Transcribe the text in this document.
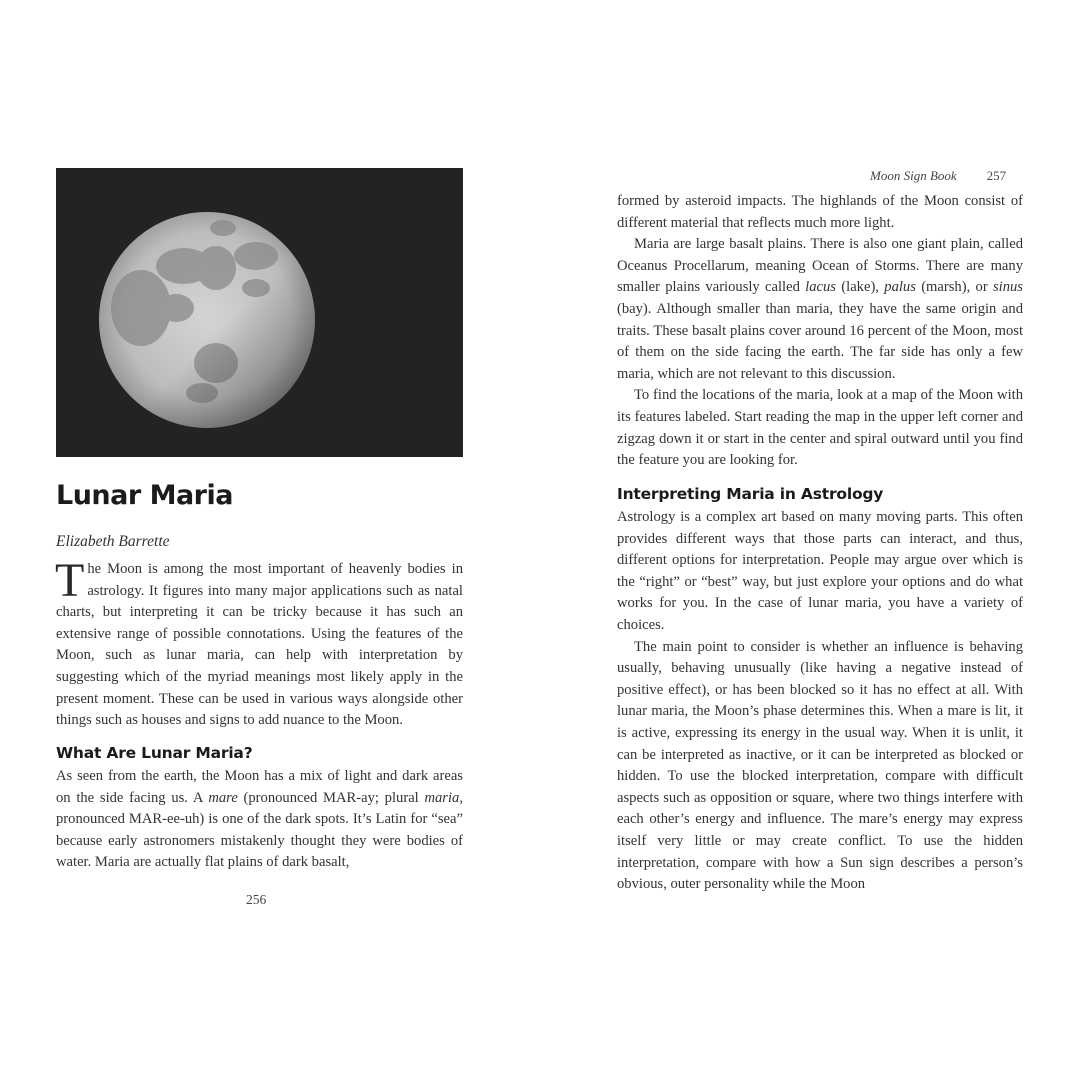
Lunar Maria
Elizabeth Barrette

The Moon is among the most important of heavenly bodies in astrology. It figures into many major applications such as natal charts, but interpreting it can be tricky because it has such an extensive range of possible connotations. Using the features of the Moon, such as lunar maria, can help with interpretation by suggesting which of the myriad meanings most likely apply in the present moment. These can be used in various ways alongside other things such as houses and signs to add nuance to the Moon.

What Are Lunar Maria?

As seen from the earth, the Moon has a mix of light and dark areas on the side facing us. A mare (pronounced MAR-ay; plural maria, pronounced MAR-ee-uh) is one of the dark spots. It’s Latin for “sea” because early astronomers mistakenly thought they were bodies of water. Maria are actually flat plains of dark basalt,

256
Moon Sign Book 257

formed by asteroid impacts. The highlands of the Moon consist of different material that reflects much more light.

Maria are large basalt plains. There is also one giant plain, called Oceanus Procellarum, meaning Ocean of Storms. There are many smaller plains variously called lacus (lake), palus (marsh), or sinus (bay). Although smaller than maria, they have the same origin and traits. These basalt plains cover around 16 percent of the Moon, most of them on the side facing the earth. The far side has only a few maria, which are not relevant to this discussion.

To find the locations of the maria, look at a map of the Moon with its features labeled. Start reading the map in the upper left corner and zigzag down it or start in the center and spiral outward until you find the feature you are looking for.

Interpreting Maria in Astrology

Astrology is a complex art based on many moving parts. This often provides different ways that those parts can interact, and thus, different options for interpretation. People may argue over which is the “right” or “best” way, but just explore your options and do what works for you. In the case of lunar maria, you have a variety of choices.

The main point to consider is whether an influence is behaving usually, behaving unusually (like having a negative instead of positive effect), or has been blocked so it has no effect at all. With lunar maria, the Moon’s phase determines this. When a mare is lit, it is active, expressing its energy in the usual way. When it is unlit, it can be interpreted as inactive, or it can be interpreted as blocked or hidden. To use the blocked interpretation, compare with difficult aspects such as opposition or square, where two things interfere with each other’s energy and influence. The mare’s energy may express itself very little or may create conflict. To use the hidden interpretation, compare with how a Sun sign describes a person’s obvious, outer personality while the Moon
